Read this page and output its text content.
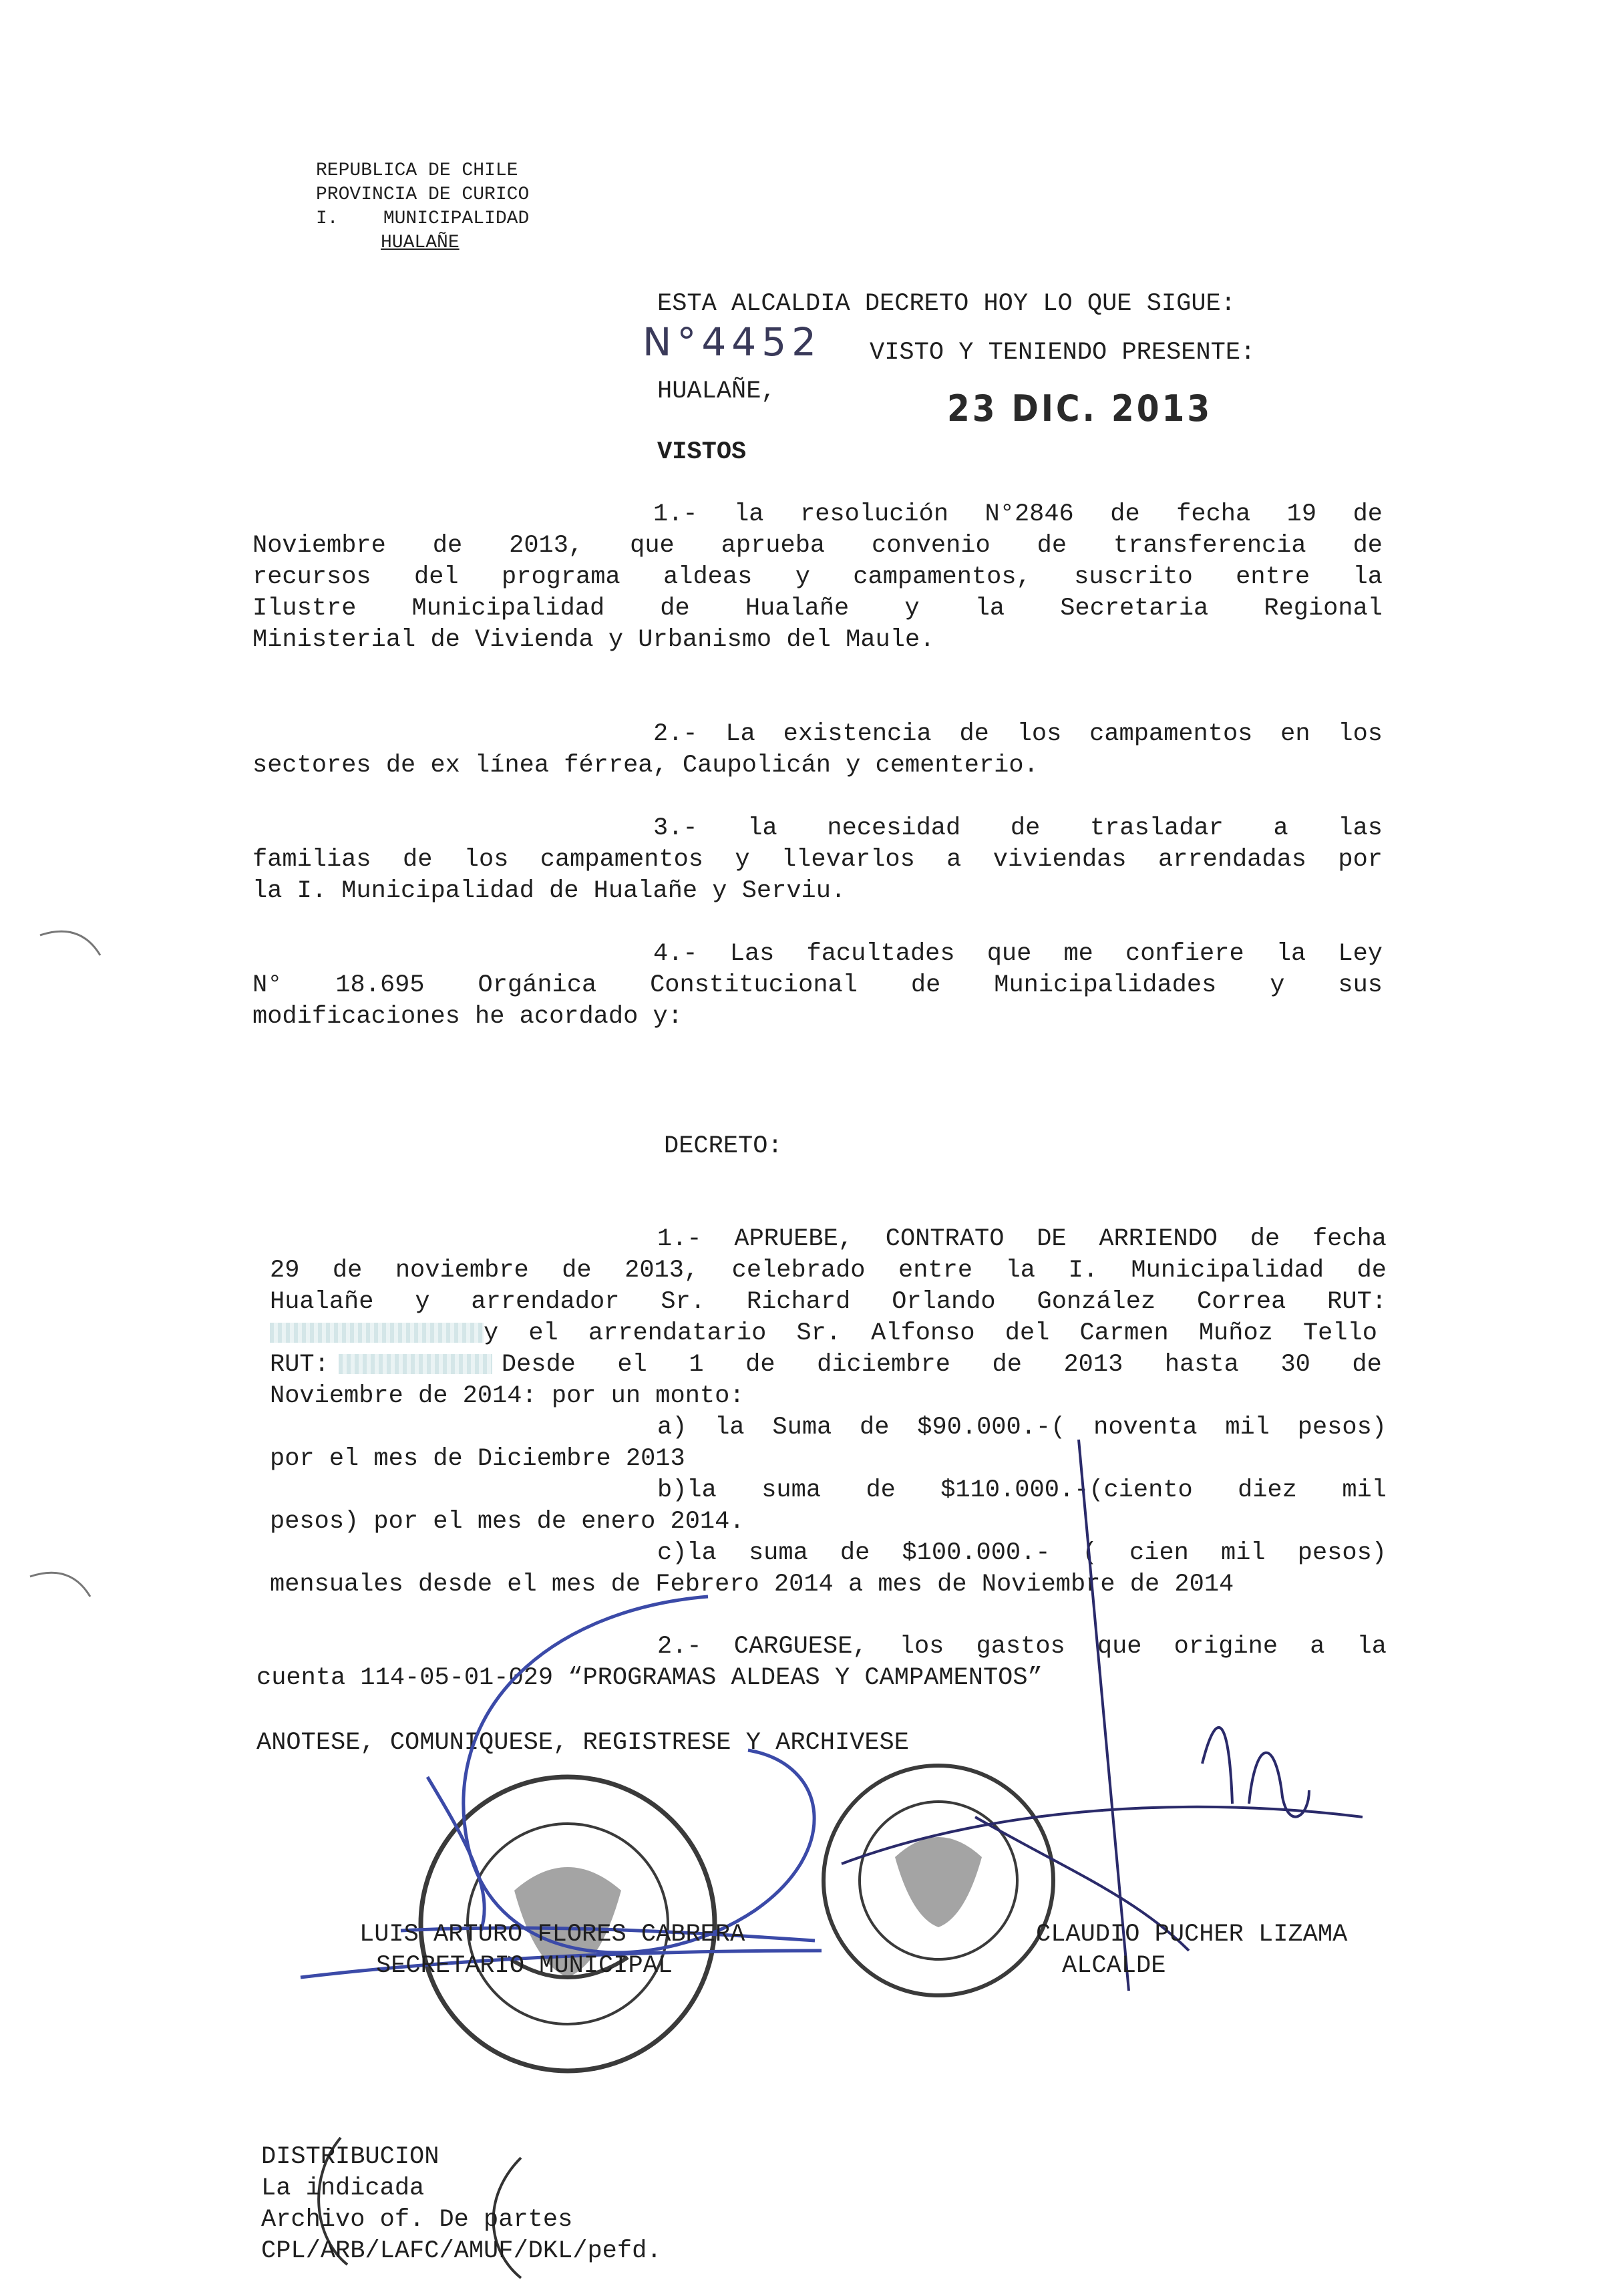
REPUBLICA DE CHILE
PROVINCIA DE CURICO
I.    MUNICIPALIDAD
HUALAÑE
ESTA ALCALDIA DECRETO HOY LO QUE SIGUE:
N°4452 VISTO Y TENIENDO PRESENTE:
HUALAÑE,	23 DIC. 2013
VISTOS
1.- la resolución N°2846 de fecha 19 de
Noviembre de 2013, que aprueba convenio de transferencia de
recursos del programa aldeas y campamentos, suscrito entre la
Ilustre Municipalidad de Hualañe y la Secretaria Regional
Ministerial de Vivienda y Urbanismo del Maule.
2.- La existencia de los campamentos en los
sectores de ex línea férrea, Caupolicán y cementerio.
3.- la necesidad de trasladar a las
familias de los campamentos y llevarlos a viviendas arrendadas por
la I. Municipalidad de Hualañe y Serviu.
4.- Las facultades que me confiere la Ley
N° 18.695 Orgánica Constitucional de Municipalidades y sus
modificaciones he acordado y:
DECRETO:
1.- APRUEBE, CONTRATO DE ARRIENDO de fecha
29 de noviembre de 2013, celebrado entre la I. Municipalidad de
Hualañe y arrendador Sr. Richard Orlando González Correa RUT:
y el arrendatario Sr. Alfonso del Carmen Muñoz Tello
RUT:	Desde el 1 de diciembre de 2013 hasta 30 de
Noviembre de 2014: por un monto:
a) la Suma de $90.000.-( noventa mil pesos)
por el mes de Diciembre 2013
b)la suma de $110.000.-(ciento diez mil
pesos) por el mes de enero 2014.
c)la suma de $100.000.- ( cien mil pesos)
mensuales desde el mes de Febrero 2014 a mes de Noviembre de 2014
2.- CARGUESE, los gastos que origine a la
cuenta 114-05-01-029 “PROGRAMAS ALDEAS Y CAMPAMENTOS”
ANOTESE, COMUNIQUESE, REGISTRESE Y ARCHIVESE
LUIS ARTURO FLORES CABRERA
SECRETARIO MUNICIPAL
CLAUDIO PUCHER LIZAMA
ALCALDE
DISTRIBUCION
La indicada
Archivo of. De partes
CPL/ARB/LAFC/AMUF/DKL/pefd.
